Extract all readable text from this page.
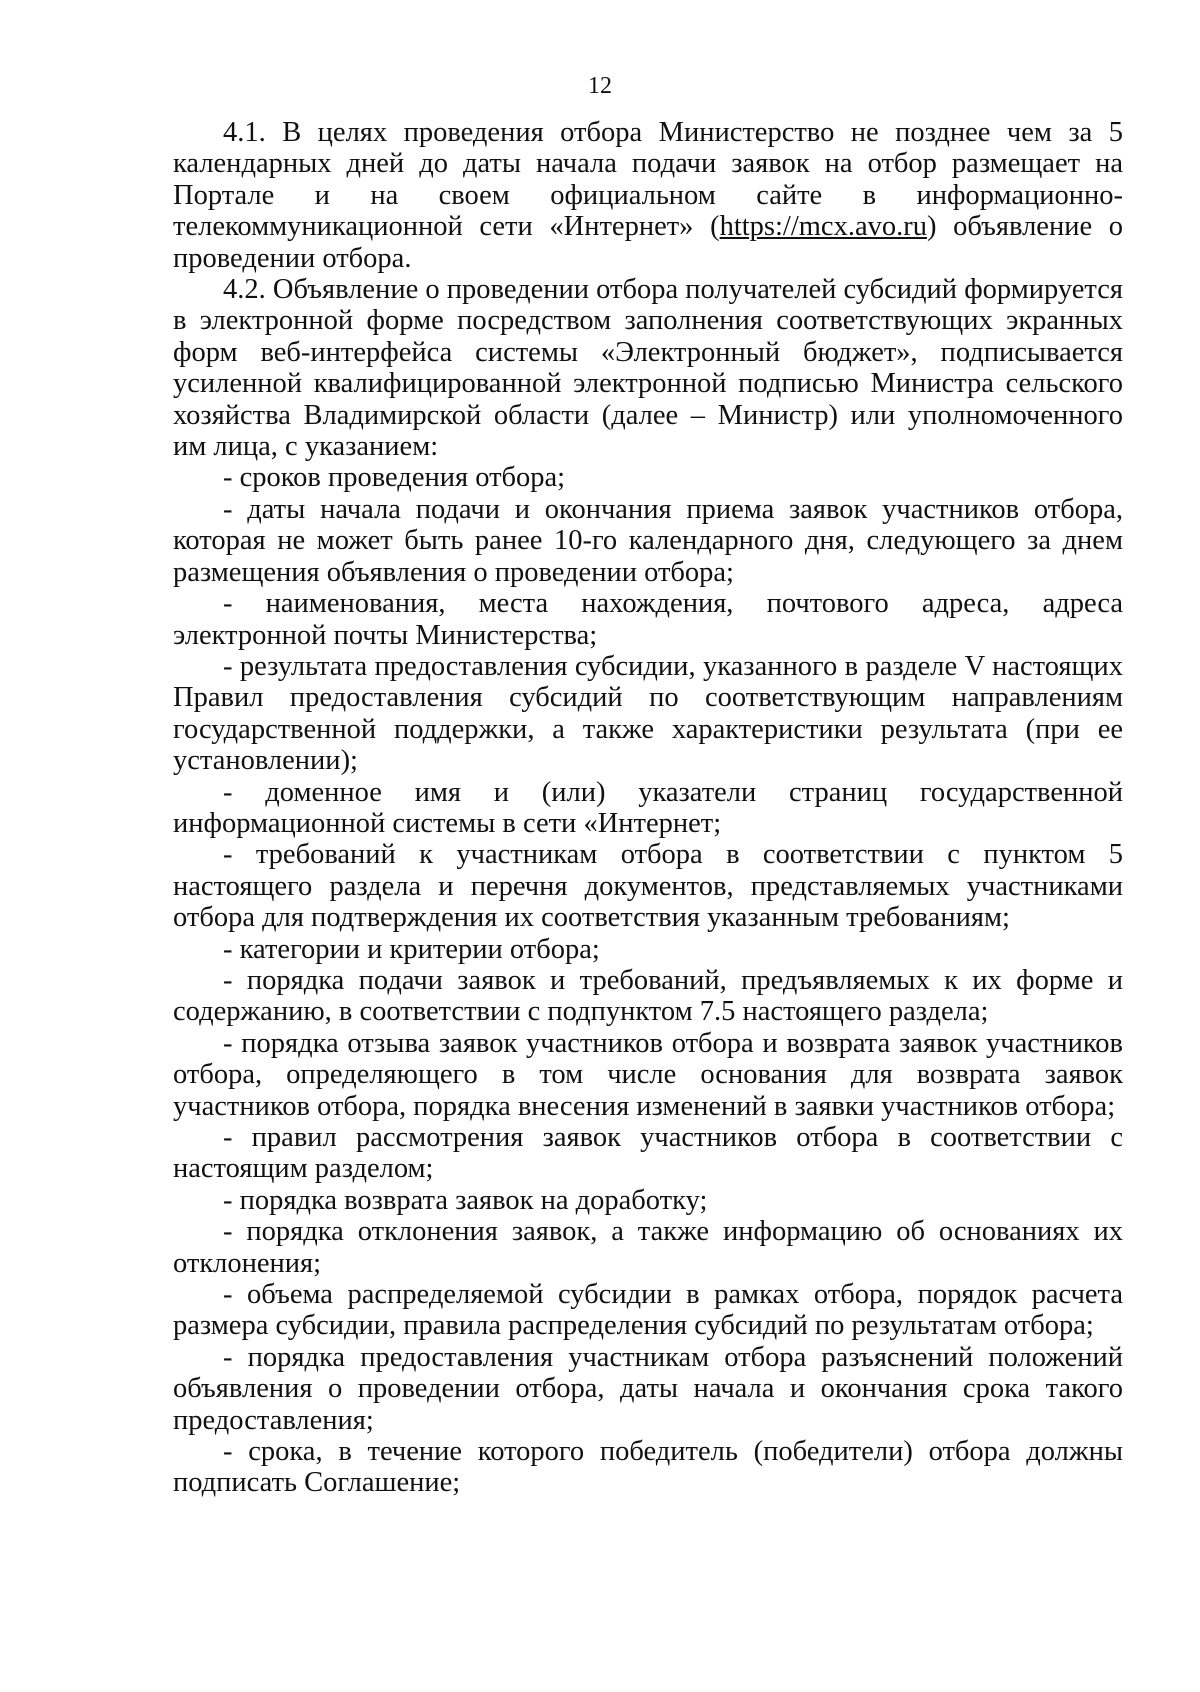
12

4.1. В целях проведения отбора Министерство не позднее чем за 5 календарных дней до даты начала подачи заявок на отбор размещает на Портале и на своем официальном сайте в информационно-телекоммуникационной сети «Интернет» (https://mcx.avo.ru) объявление о проведении отбора.

4.2. Объявление о проведении отбора получателей субсидий формируется в электронной форме посредством заполнения соответствующих экранных форм веб-интерфейса системы «Электронный бюджет», подписывается усиленной квалифицированной электронной подписью Министра сельского хозяйства Владимирской области (далее – Министр) или уполномоченного им лица, с указанием:

- сроков проведения отбора;

- даты начала подачи и окончания приема заявок участников отбора, которая не может быть ранее 10-го календарного дня, следующего за днем размещения объявления о проведении отбора;

- наименования, места нахождения, почтового адреса, адреса электронной почты Министерства;

- результата предоставления субсидии, указанного в разделе V настоящих Правил предоставления субсидий по соответствующим направлениям государственной поддержки, а также характеристики результата (при ее установлении);

- доменное имя и (или) указатели страниц государственной информационной системы в сети «Интернет;

- требований к участникам отбора в соответствии с пунктом 5 настоящего раздела и перечня документов, представляемых участниками отбора для подтверждения их соответствия указанным требованиям;

- категории и критерии отбора;

- порядка подачи заявок и требований, предъявляемых к их форме и содержанию, в соответствии с подпунктом 7.5 настоящего раздела;

- порядка отзыва заявок участников отбора и возврата заявок участников отбора, определяющего в том числе основания для возврата заявок участников отбора, порядка внесения изменений в заявки участников отбора;

- правил рассмотрения заявок участников отбора в соответствии с настоящим разделом;

- порядка возврата заявок на доработку;

- порядка отклонения заявок, а также информацию об основаниях их отклонения;

- объема распределяемой субсидии в рамках отбора, порядок расчета размера субсидии, правила распределения субсидий по результатам отбора;

- порядка предоставления участникам отбора разъяснений положений объявления о проведении отбора, даты начала и окончания срока такого предоставления;

- срока, в течение которого победитель (победители) отбора должны подписать Соглашение;
